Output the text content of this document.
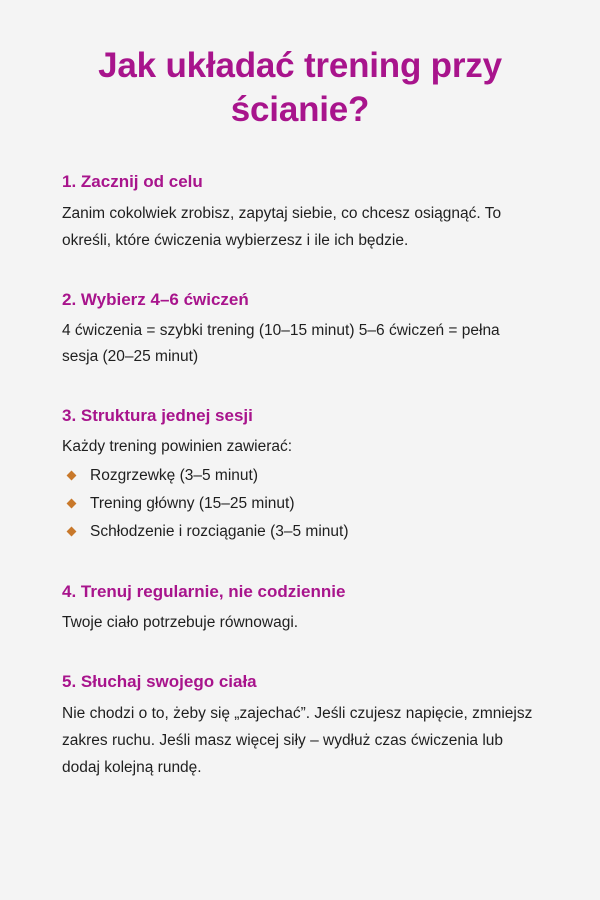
Jak układać trening przy ścianie?
1. Zacznij od celu

Zanim cokolwiek zrobisz, zapytaj siebie, co chcesz osiągnąć. To określi, które ćwiczenia wybierzesz i ile ich będzie.

2. Wybierz 4–6 ćwiczeń

4 ćwiczenia = szybki trening (10–15 minut) 5–6 ćwiczeń = pełna sesja (20–25 minut)

3. Struktura jednej sesji

Każdy trening powinien zawierać:

Rozgrzewkę (3–5 minut)
Trening główny (15–25 minut)
Schłodzenie i rozciąganie (3–5 minut)
4. Trenuj regularnie, nie codziennie

Twoje ciało potrzebuje równowagi.

5. Słuchaj swojego ciała

Nie chodzi o to, żeby się „zajechać”. Jeśli czujesz napięcie, zmniejsz zakres ruchu. Jeśli masz więcej siły – wydłuż czas ćwiczenia lub dodaj kolejną rundę.
